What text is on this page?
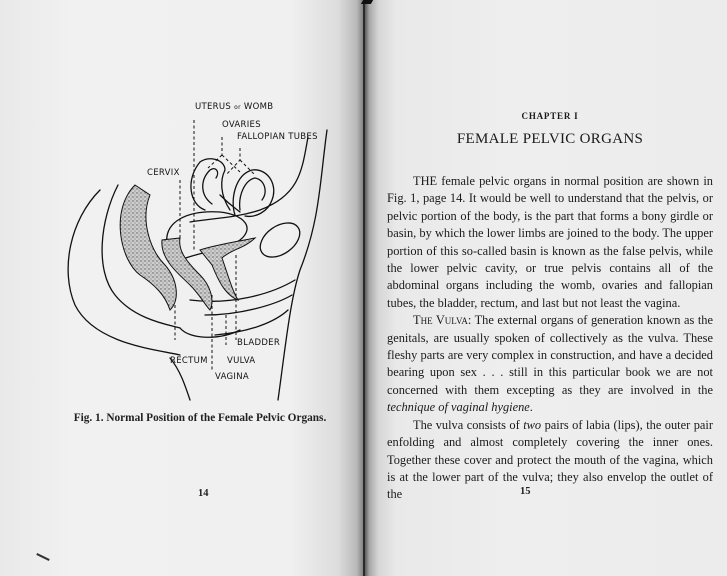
UTERUS or WOMB
OVARIES
FALLOPIAN TUBES
CERVIX
BLADDER
RECTUM VULVA
VAGINA
Fig. 1. Normal Position of the Female Pelvic Organs.
14
CHAPTER I
FEMALE PELVIC ORGANS

THE female pelvic organs in normal position are shown in Fig. 1, page 14. It would be well to understand that the pelvis, or pelvic portion of the body, is the part that forms a bony girdle or basin, by which the lower limbs are joined to the body. The upper portion of this so-called basin is known as the false pelvis, while the lower pelvic cavity, or true pelvis contains all of the abdominal organs including the womb, ovaries and fallopian tubes, the bladder, rectum, and last but not least the vagina.

The Vulva: The external organs of generation known as the genitals, are usually spoken of collectively as the vulva. These fleshy parts are very complex in construction, and have a decided bearing upon sex . . . still in this particular book we are not concerned with them excepting as they are involved in the technique of vaginal hygiene.

The vulva consists of two pairs of labia (lips), the outer pair enfolding and almost completely covering the inner ones. Together these cover and protect the mouth of the vagina, which is at the lower part of the vulva; they also envelop the outlet of the	15
